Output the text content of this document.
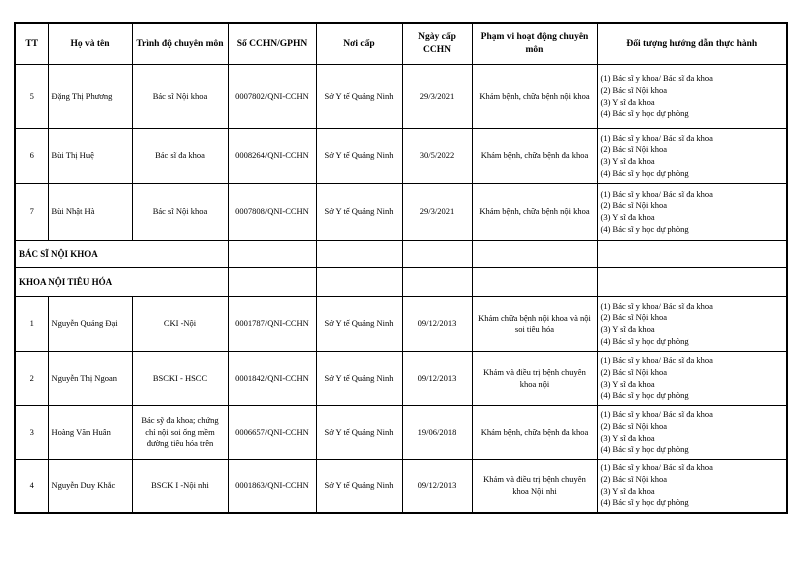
TT	Họ và tên	Trình độ chuyên môn	Số CCHN/GPHN	Nơi cấp	Ngày cấp CCHN	Phạm vi hoạt động chuyên môn	Đối tượng hướng dẫn thực hành
5	Đặng Thị Phương	Bác sĩ Nội khoa	0007802/QNI-CCHN	Sở Y tế Quảng Ninh	29/3/2021	Khám bệnh, chữa bệnh nội khoa	(1) Bác sĩ y khoa/ Bác sĩ đa khoa
(2) Bác sĩ Nội khoa
(3) Y sĩ đa khoa
(4) Bác sĩ y học dự phòng

6	Bùi Thị Huệ	Bác sĩ đa khoa	0008264/QNI-CCHN	Sở Y tế Quảng Ninh	30/5/2022	Khám bệnh, chữa bệnh đa khoa	(1) Bác sĩ y khoa/ Bác sĩ đa khoa
(2) Bác sĩ Nội khoa
(3) Y sĩ đa khoa
(4) Bác sĩ y học dự phòng

7	Bùi Nhật Hà	Bác sĩ Nội khoa	0007808/QNI-CCHN	Sở Y tế Quảng Ninh	29/3/2021	Khám bệnh, chữa bệnh nội khoa	(1) Bác sĩ y khoa/ Bác sĩ đa khoa
(2) Bác sĩ Nội khoa
(3) Y sĩ đa khoa
(4) Bác sĩ y học dự phòng

BÁC SĨ NỘI KHOA							
KHOA NỘI TIÊU HÓA							
1	Nguyễn Quảng Đại	CKI -Nội	0001787/QNI-CCHN	Sở Y tế Quảng Ninh	09/12/2013	Khám chữa bệnh nội khoa và nội soi tiêu hóa	(1) Bác sĩ y khoa/ Bác sĩ đa khoa
(2) Bác sĩ Nội khoa
(3) Y sĩ đa khoa
(4) Bác sĩ y học dự phòng

2	Nguyễn Thị Ngoan	BSCKI - HSCC	0001842/QNI-CCHN	Sở Y tế Quảng Ninh	09/12/2013	Khám và điều trị bệnh chuyên khoa nội	(1) Bác sĩ y khoa/ Bác sĩ đa khoa
(2) Bác sĩ Nội khoa
(3) Y sĩ đa khoa
(4) Bác sĩ y học dự phòng

3	Hoàng Văn Huân	Bác sỹ đa khoa; chứng chỉ nội soi ống mềm đường tiêu hóa trên	0006657/QNI-CCHN	Sở Y tế Quảng Ninh	19/06/2018	Khám bệnh, chữa bệnh đa khoa	(1) Bác sĩ y khoa/ Bác sĩ đa khoa
(2) Bác sĩ Nội khoa
(3) Y sĩ đa khoa
(4) Bác sĩ y học dự phòng

4	Nguyễn Duy Khắc	BSCK I -Nội nhi	0001863/QNI-CCHN	Sở Y tế Quảng Ninh	09/12/2013	Khám và điều trị bệnh chuyên khoa Nội nhi	(1) Bác sĩ y khoa/ Bác sĩ đa khoa
(2) Bác sĩ Nội khoa
(3) Y sĩ đa khoa
(4) Bác sĩ y học dự phòng
